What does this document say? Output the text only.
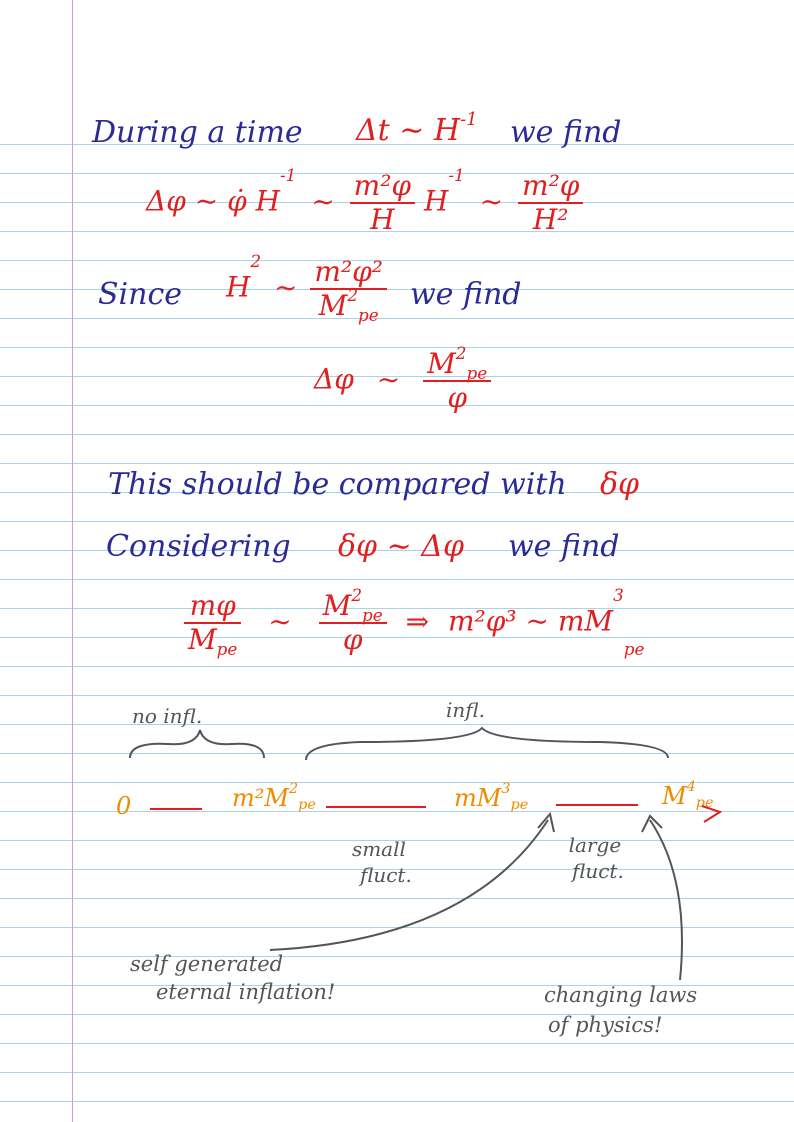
During a time Δt ∼ $H^{-1}$ we find
Δφ ∼ φ̇ $H^{-1}$ ∼ $\frac{\text{m²φ}}{H} H^{-1}$ ∼ $\frac{\text{m²φ}}{\text{H²}}$
Since $H^2$ ∼ $\frac{\text{m²φ²}}{M^2_{pe}}$ we find
Δφ ∼ $\frac{M^2_{pe}}{\varphi}$
This should be compared with δφ
Considering δφ ∼ Δφ we find
$\frac{m\varphi}{M_{pe}}$ ∼ $\frac{M^2_{pe}}{\varphi}$ ⇒ m²φ³ ∼ $mM^3_{pe}$
no infl.	infl.
0	$m^2M^2_{pe}$	$mM^3_{pe}$	$M^4_{pe}$
small
fluct.
large
fluct.
self generated
eternal inflation!	changing laws
of physics!
